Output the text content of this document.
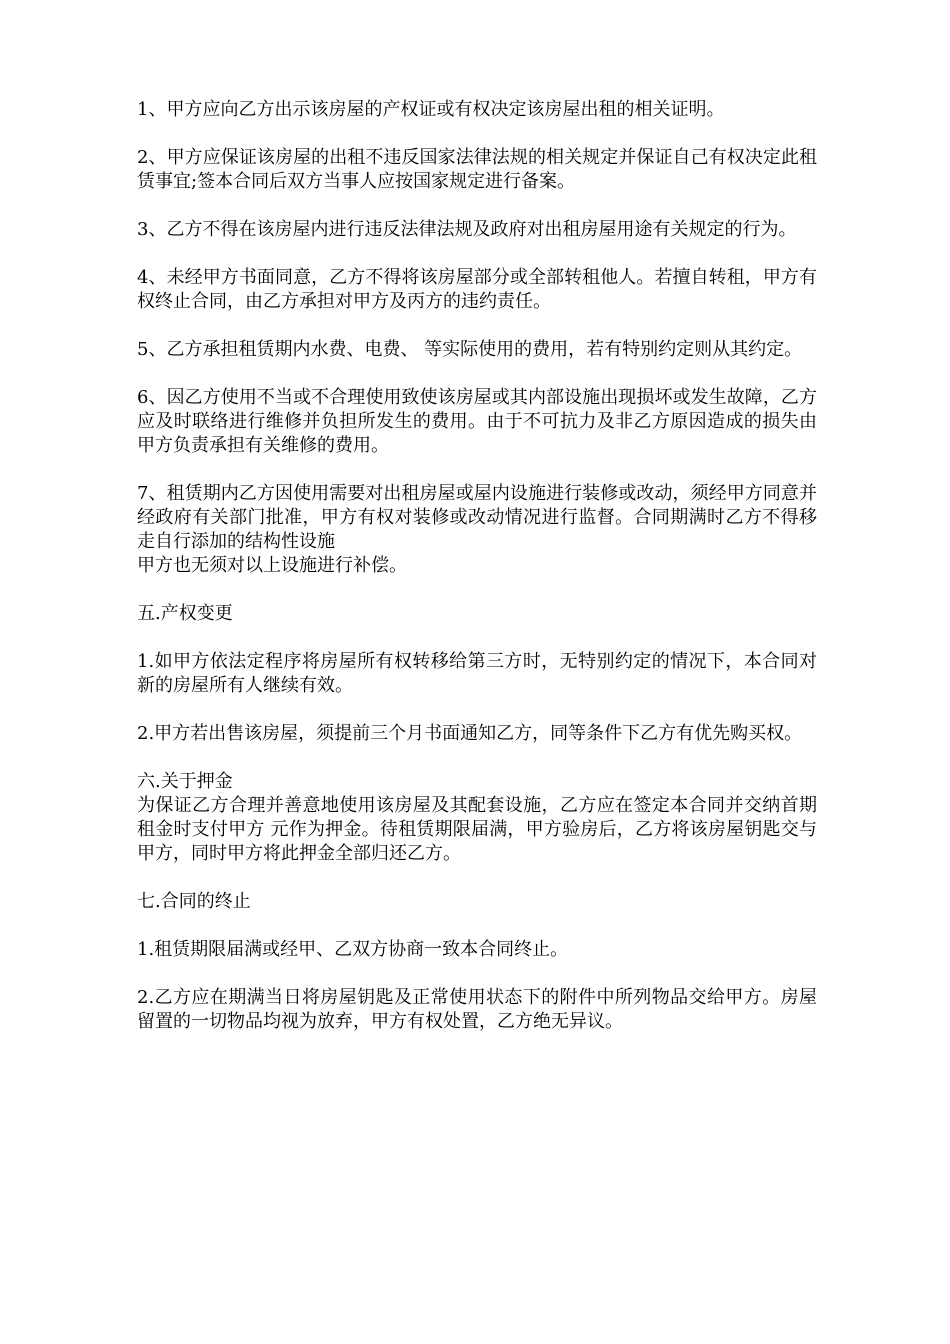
1、甲方应向乙方出示该房屋的产权证或有权决定该房屋出租的相关证明。

2、甲方应保证该房屋的出租不违反国家法律法规的相关规定并保证自己有权决定此租赁事宜;签本合同后双方当事人应按国家规定进行备案。

3、乙方不得在该房屋内进行违反法律法规及政府对出租房屋用途有关规定的行为。

4、未经甲方书面同意，乙方不得将该房屋部分或全部转租他人。若擅自转租，甲方有权终止合同，由乙方承担对甲方及丙方的违约责任。

5、乙方承担租赁期内水费、电费、 等实际使用的费用，若有特别约定则从其约定。

6、因乙方使用不当或不合理使用致使该房屋或其内部设施出现损坏或发生故障，乙方应及时联络进行维修并负担所发生的费用。由于不可抗力及非乙方原因造成的损失由甲方负责承担有关维修的费用。

7、租赁期内乙方因使用需要对出租房屋或屋内设施进行装修或改动，须经甲方同意并经政府有关部门批准，甲方有权对装修或改动情况进行监督。合同期满时乙方不得移走自行添加的结构性设施
甲方也无须对以上设施进行补偿。

五.产权变更

1.如甲方依法定程序将房屋所有权转移给第三方时，无特别约定的情况下，本合同对新的房屋所有人继续有效。

2.甲方若出售该房屋，须提前三个月书面通知乙方，同等条件下乙方有优先购买权。

六.关于押金

为保证乙方合理并善意地使用该房屋及其配套设施，乙方应在签定本合同并交纳首期租金时支付甲方 元作为押金。待租赁期限届满，甲方验房后，乙方将该房屋钥匙交与甲方，同时甲方将此押金全部归还乙方。

七.合同的终止

1.租赁期限届满或经甲、乙双方协商一致本合同终止。

2.乙方应在期满当日将房屋钥匙及正常使用状态下的附件中所列物品交给甲方。房屋留置的一切物品均视为放弃，甲方有权处置，乙方绝无异议。
